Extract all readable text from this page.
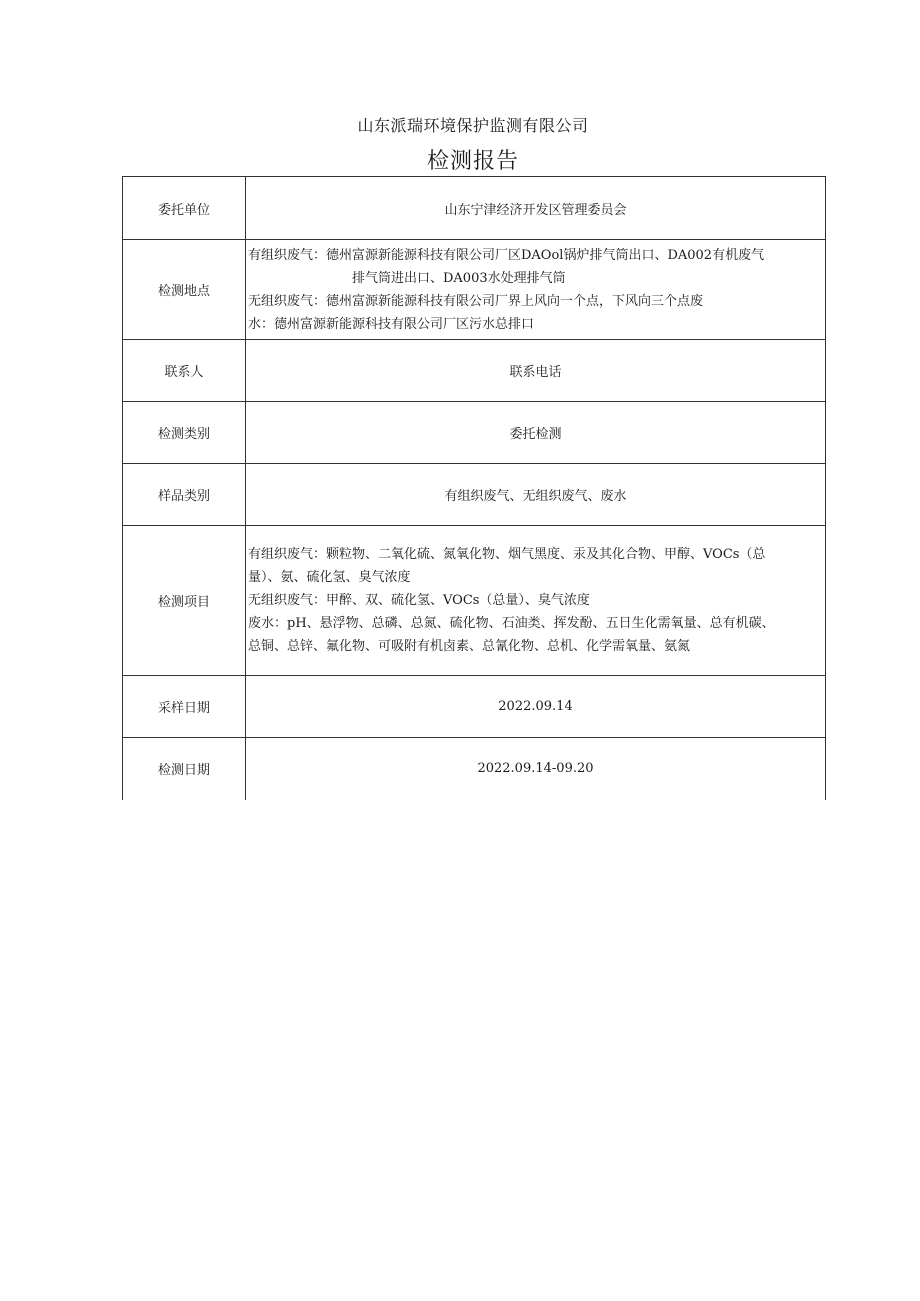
山东派瑞环境保护监测有限公司
检测报告
委托单位	山东宁津经济开发区管理委员会
检测地点	有组织废气：德州富源新能源科技有限公司厂区DAOol锅炉排气筒出口、DA002有机废气
排气筒进出口、DA003水处理排气筒
无组织废气：德州富源新能源科技有限公司厂界上风向一个点，下风向三个点废
水：德州富源新能源科技有限公司厂区污水总排口

联系人	联系电话
检测类别	委托检测
样品类别	有组织废气、无组织废气、废水
检测项目	有组织废气：颗粒物、二氧化硫、氮氧化物、烟气黑度、汞及其化合物、甲醇、VOCs（总
量）、氨、硫化氢、臭气浓度
无组织废气：甲醉、双、硫化氢、VOCs（总量）、臭气浓度
废水：pH、悬浮物、总磷、总氮、硫化物、石油类、挥发酚、五日生化需氧量、总有机碳、
总铜、总锌、氟化物、可吸附有机卤素、总氰化物、总机、化学需氧量、氨氮

采样日期	2022.09.14
检测日期	2022.09.14-09.20
